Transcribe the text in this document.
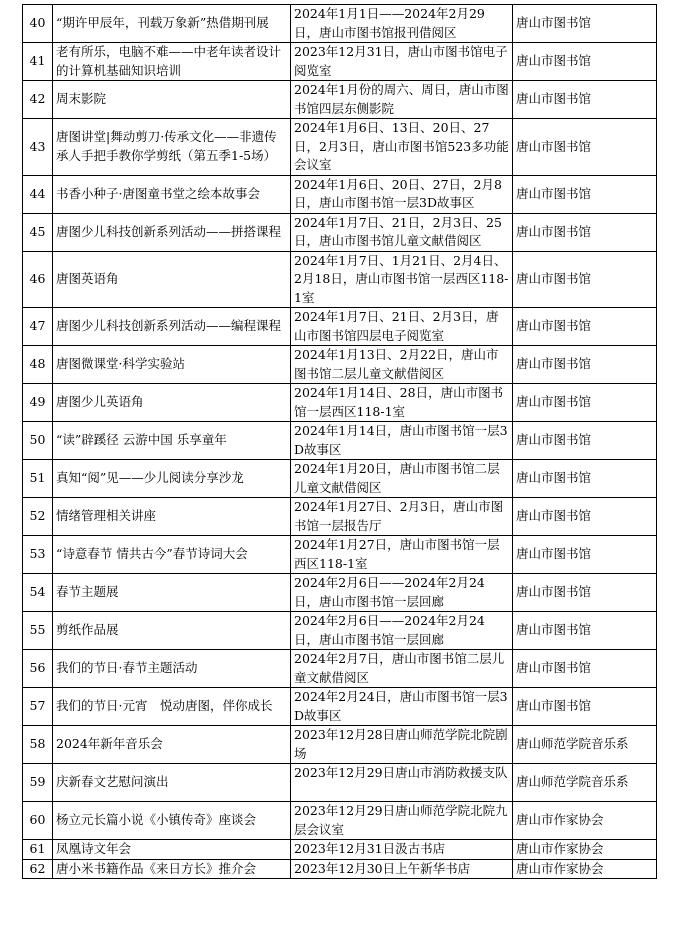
40	“期许甲辰年，刊载万象新”热借期刊展	2024年1月1日——2024年2月29日，唐山市图书馆报刊借阅区	唐山市图书馆
41	老有所乐，电脑不难——中老年读者设计的计算机基础知识培训	2023年12月31日，唐山市图书馆电子阅览室	唐山市图书馆
42	周末影院	2024年1月份的周六、周日，唐山市图书馆四层东侧影院	唐山市图书馆
43	唐图讲堂|舞动剪刀·传承文化——非遗传承人手把手教你学剪纸（第五季1-5场）	2024年1月6日、13日、20日、27日，2月3日，唐山市图书馆523多功能会议室	唐山市图书馆
44	书香小种子·唐图童书堂之绘本故事会	2024年1月6日、20日、27日，2月8日，唐山市图书馆一层3D故事区	唐山市图书馆
45	唐图少儿科技创新系列活动——拼搭课程	2024年1月7日、21日，2月3日、25日，唐山市图书馆儿童文献借阅区	唐山市图书馆
46	唐图英语角	2024年1月7日、1月21日、2月4日、2月18日，唐山市图书馆一层西区118-1室	唐山市图书馆
47	唐图少儿科技创新系列活动——编程课程	2024年1月7日、21日、2月3日，唐山市图书馆四层电子阅览室	唐山市图书馆
48	唐图微课堂·科学实验站	2024年1月13日、2月22日，唐山市图书馆二层儿童文献借阅区	唐山市图书馆
49	唐图少儿英语角	2024年1月14日、28日，唐山市图书馆一层西区118-1室	唐山市图书馆
50	“读”辟蹊径 云游中国 乐享童年	2024年1月14日，唐山市图书馆一层3D故事区	唐山市图书馆
51	真知“阅”见——少儿阅读分享沙龙	2024年1月20日，唐山市图书馆二层儿童文献借阅区	唐山市图书馆
52	情绪管理相关讲座	2024年1月27日、2月3日，唐山市图书馆一层报告厅	唐山市图书馆
53	“诗意春节 情共古今”春节诗词大会	2024年1月27日，唐山市图书馆一层西区118-1室	唐山市图书馆
54	春节主题展	2024年2月6日——2024年2月24日，唐山市图书馆一层回廊	唐山市图书馆
55	剪纸作品展	2024年2月6日——2024年2月24日，唐山市图书馆一层回廊	唐山市图书馆
56	我们的节日·春节主题活动	2024年2月7日，唐山市图书馆二层儿童文献借阅区	唐山市图书馆
57	我们的节日·元宵　悦动唐图，伴你成长	2024年2月24日，唐山市图书馆一层3D故事区	唐山市图书馆
58	2024年新年音乐会	2023年12月28日唐山师范学院北院剧场	唐山师范学院音乐系
59	庆新春文艺慰问演出	2023年12月29日唐山市消防救援支队	唐山师范学院音乐系
60	杨立元长篇小说《小镇传奇》座谈会	2023年12月29日唐山师范学院北院九层会议室	唐山市作家协会
61	凤凰诗文年会	2023年12月31日汲古书店	唐山市作家协会
62	唐小米书籍作品《来日方长》推介会	2023年12月30日上午新华书店	唐山市作家协会
